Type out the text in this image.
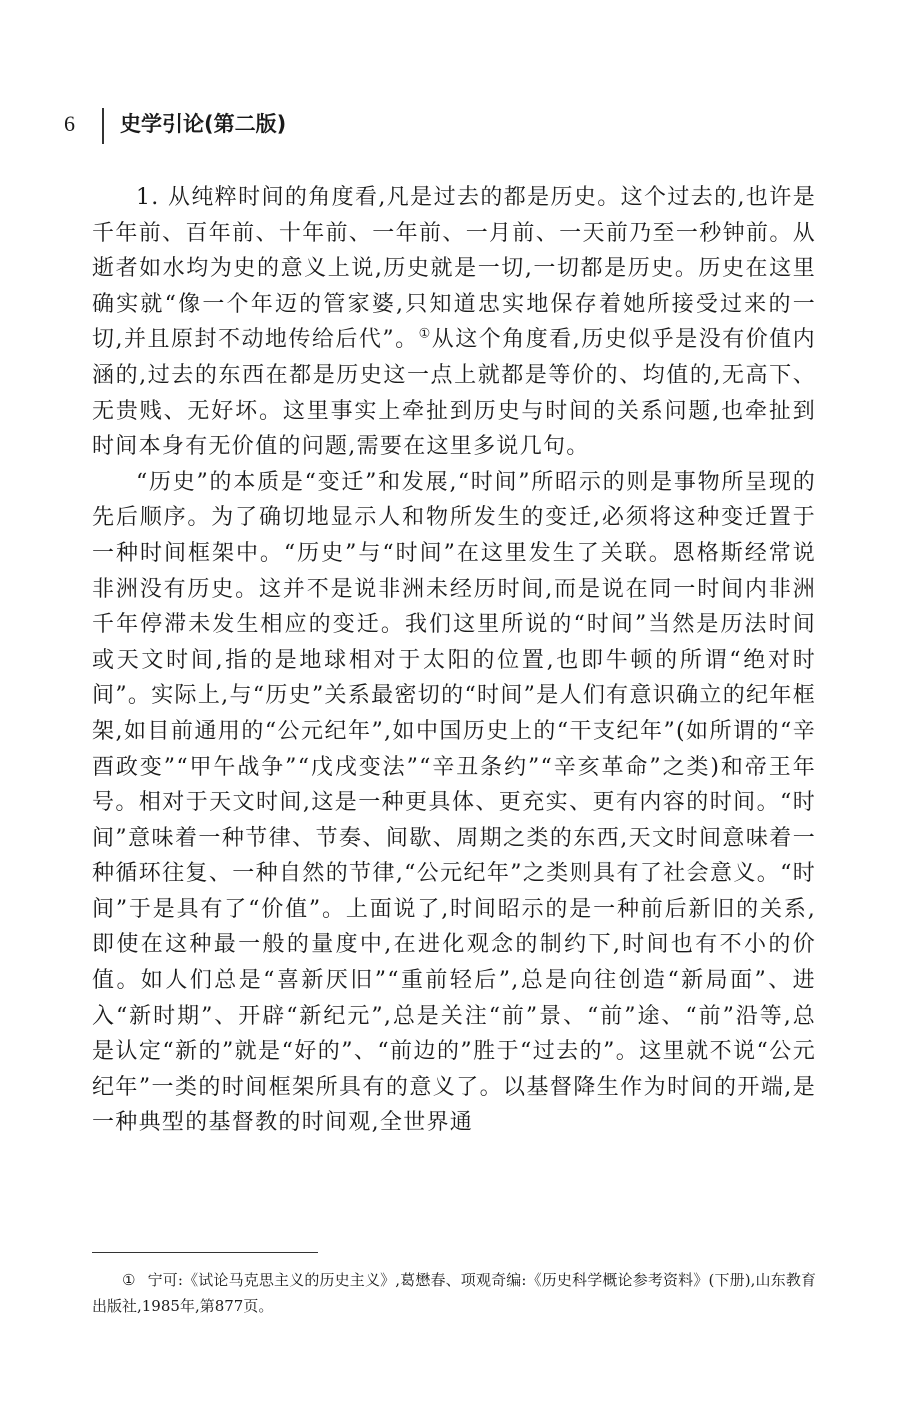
6 史学引论(第二版)

1. 从纯粹时间的角度看,凡是过去的都是历史。这个过去的,也许是千年前、百年前、十年前、一年前、一月前、一天前乃至一秒钟前。从逝者如水均为史的意义上说,历史就是一切,一切都是历史。历史在这里确实就“像一个年迈的管家婆,只知道忠实地保存着她所接受过来的一切,并且原封不动地传给后代”。①从这个角度看,历史似乎是没有价值内涵的,过去的东西在都是历史这一点上就都是等价的、均值的,无高下、无贵贱、无好坏。这里事实上牵扯到历史与时间的关系问题,也牵扯到时间本身有无价值的问题,需要在这里多说几句。

“历史”的本质是“变迁”和发展,“时间”所昭示的则是事物所呈现的先后顺序。为了确切地显示人和物所发生的变迁,必须将这种变迁置于一种时间框架中。“历史”与“时间”在这里发生了关联。恩格斯经常说非洲没有历史。这并不是说非洲未经历时间,而是说在同一时间内非洲千年停滞未发生相应的变迁。我们这里所说的“时间”当然是历法时间或天文时间,指的是地球相对于太阳的位置,也即牛顿的所谓“绝对时间”。实际上,与“历史”关系最密切的“时间”是人们有意识确立的纪年框架,如目前通用的“公元纪年”,如中国历史上的“干支纪年”(如所谓的“辛酉政变”“甲午战争”“戊戌变法”“辛丑条约”“辛亥革命”之类)和帝王年号。相对于天文时间,这是一种更具体、更充实、更有内容的时间。“时间”意味着一种节律、节奏、间歇、周期之类的东西,天文时间意味着一种循环往复、一种自然的节律,“公元纪年”之类则具有了社会意义。“时间”于是具有了“价值”。上面说了,时间昭示的是一种前后新旧的关系,即使在这种最一般的量度中,在进化观念的制约下,时间也有不小的价值。如人们总是“喜新厌旧”“重前轻后”,总是向往创造“新局面”、进入“新时期”、开辟“新纪元”,总是关注“前”景、“前”途、“前”沿等,总是认定“新的”就是“好的”、“前边的”胜于“过去的”。这里就不说“公元纪年”一类的时间框架所具有的意义了。以基督降生作为时间的开端,是一种典型的基督教的时间观,全世界通

① 宁可:《试论马克思主义的历史主义》,葛懋春、项观奇编:《历史科学概论参考资料》(下册),山东教育出版社,1985年,第877页。
